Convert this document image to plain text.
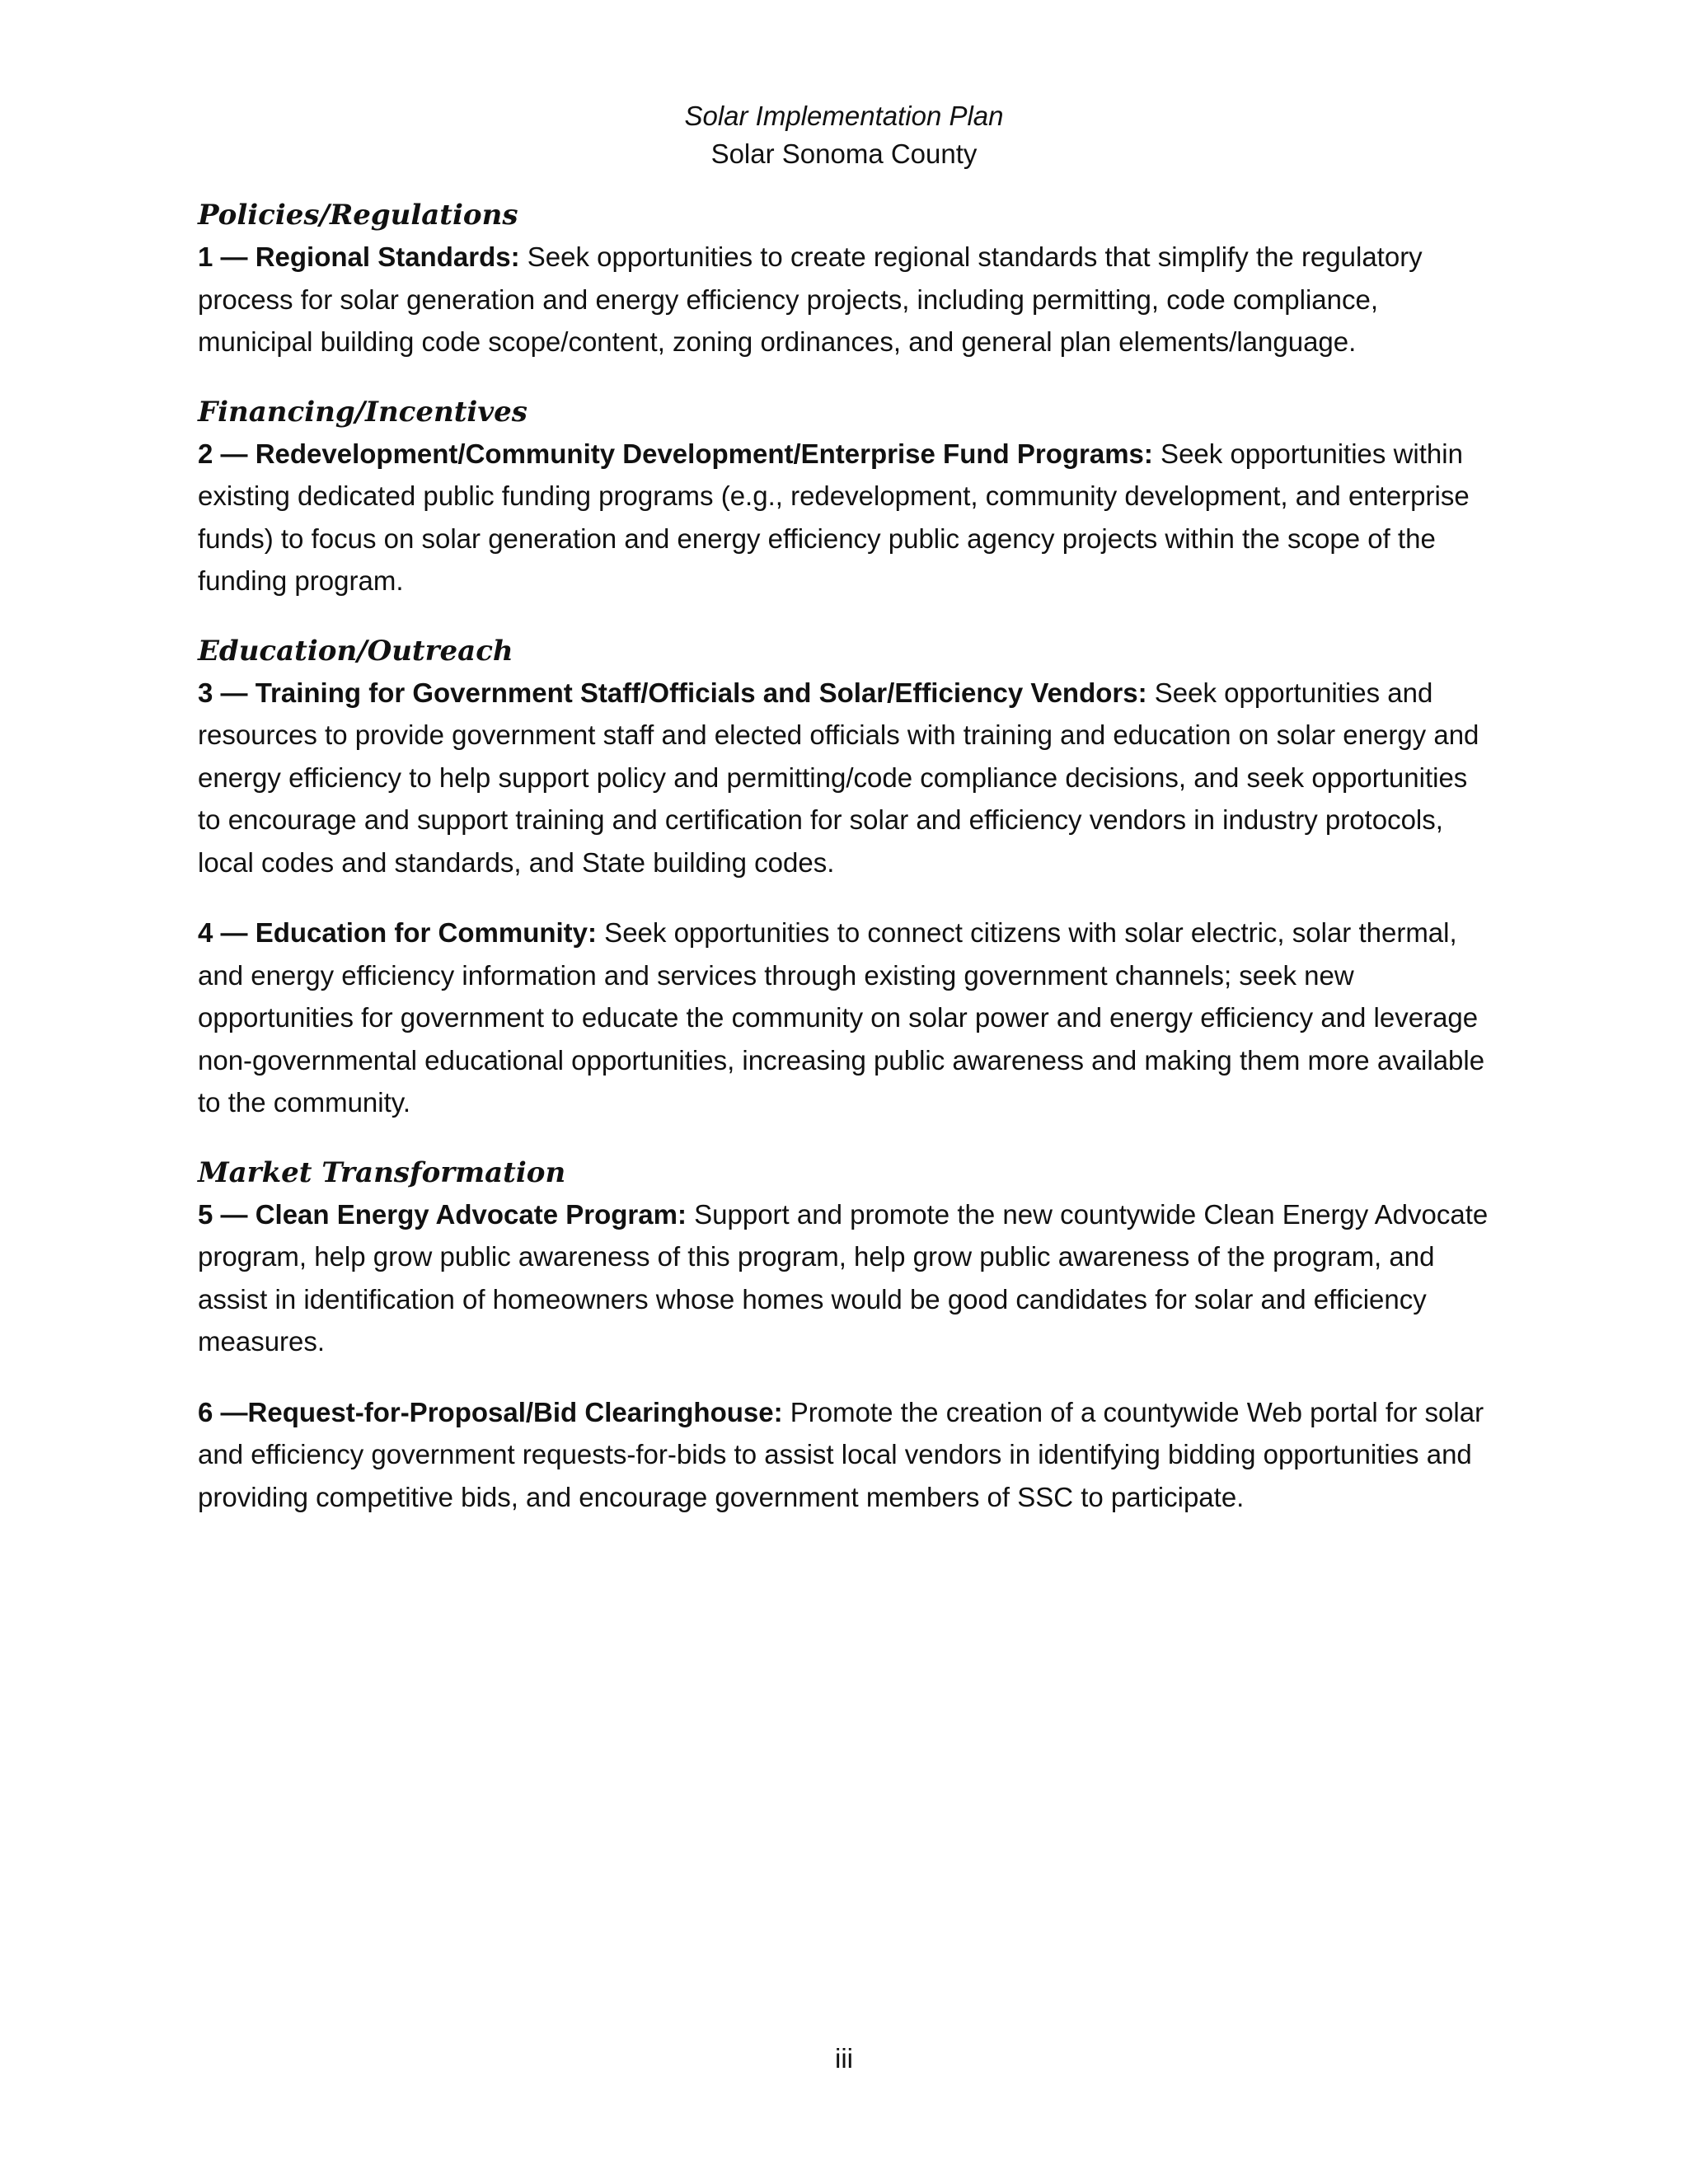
Solar Implementation Plan
Solar Sonoma County
Policies/Regulations

1 — Regional Standards: Seek opportunities to create regional standards that simplify the regulatory process for solar generation and energy efficiency projects, including permitting, code compliance, municipal building code scope/content, zoning ordinances, and general plan elements/language.

Financing/Incentives

2 — Redevelopment/Community Development/Enterprise Fund Programs: Seek opportunities within existing dedicated public funding programs (e.g., redevelopment, community development, and enterprise funds) to focus on solar generation and energy efficiency public agency projects within the scope of the funding program.

Education/Outreach

3 — Training for Government Staff/Officials and Solar/Efficiency Vendors: Seek opportunities and resources to provide government staff and elected officials with training and education on solar energy and energy efficiency to help support policy and permitting/code compliance decisions, and seek opportunities to encourage and support training and certification for solar and efficiency vendors in industry protocols, local codes and standards, and State building codes.

4 — Education for Community: Seek opportunities to connect citizens with solar electric, solar thermal, and energy efficiency information and services through existing government channels; seek new opportunities for government to educate the community on solar power and energy efficiency and leverage non-governmental educational opportunities, increasing public awareness and making them more available to the community.

Market Transformation

5 — Clean Energy Advocate Program: Support and promote the new countywide Clean Energy Advocate program, help grow public awareness of this program, help grow public awareness of the program, and assist in identification of homeowners whose homes would be good candidates for solar and efficiency measures.

6 —Request-for-Proposal/Bid Clearinghouse: Promote the creation of a countywide Web portal for solar and efficiency government requests-for-bids to assist local vendors in identifying bidding opportunities and providing competitive bids, and encourage government members of SSC to participate.

iii
